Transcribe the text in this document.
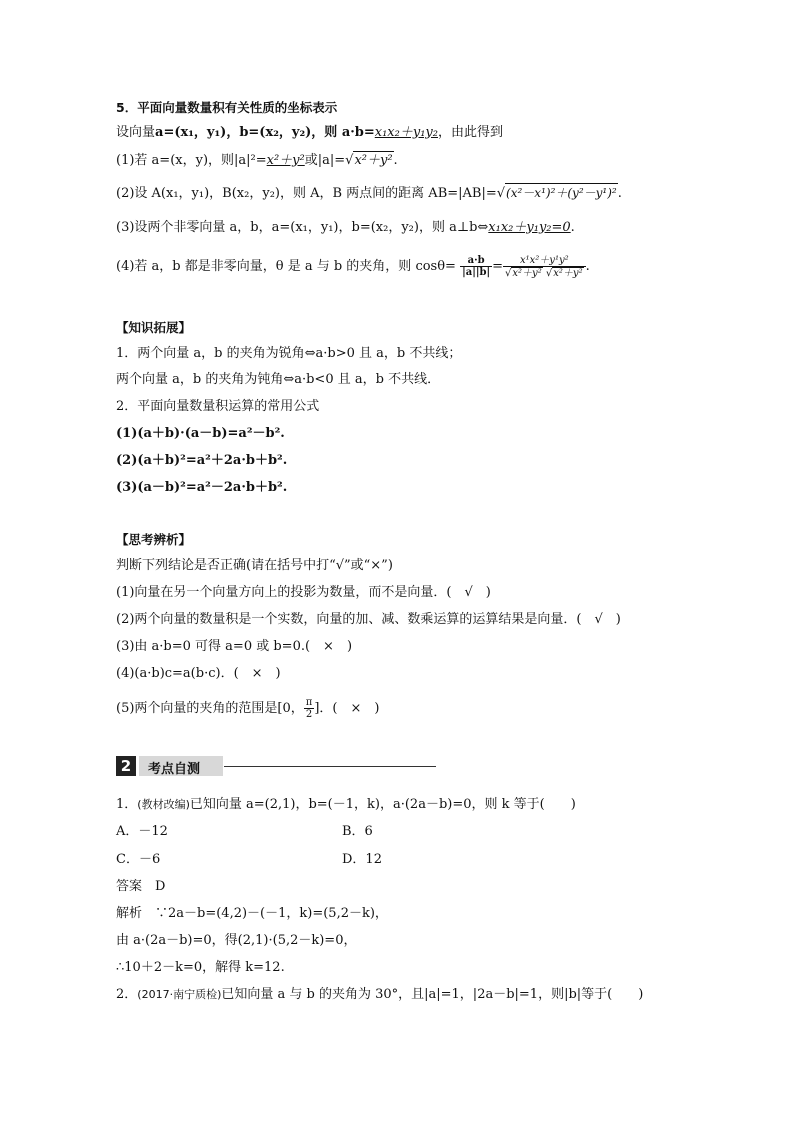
5．平面向量数量积有关性质的坐标表示
设向量a=(x₁，y₁)，b=(x₂，y₂)，则 a·b=x₁x₂＋y₁y₂，由此得到
(1)若 a=(x，y)，则|a|²=x²＋y²或|a|= √ x²＋y².
(2)设 A(x₁，y₁)，B(x₂，y₂)，则 A，B 两点间的距离 AB=|AB|= √ (x²－x¹)²＋(y²－y¹)².
(3)设两个非零向量 a，b，a=(x₁，y₁)，b=(x₂，y₂)，则 a⊥b⇔x₁x₂＋y₁y₂=0.
(4)若 a，b 都是非零向量，θ 是 a 与 b 的夹角，则 $\cos\theta= \frac{a\cdot b}{|a||b|} = x^1x^2+y^1y^2$
√ x²＋y² √ x²＋y² .
【知识拓展】
1．两个向量 a，b 的夹角为锐角⇔a·b>0 且 a，b 不共线；
两个向量 a，b 的夹角为钝角⇔a·b<0 且 a，b 不共线．
2．平面向量数量积运算的常用公式
(1)(a＋b)·(a－b)=a²－b².
(2)(a＋b)²=a²＋2a·b＋b².
(3)(a－b)²=a²－2a·b＋b².
【思考辨析】
判断下列结论是否正确(请在括号中打“√”或“×”)
(1)向量在另一个向量方向上的投影为数量，而不是向量．(　√　)
(2)两个向量的数量积是一个实数，向量的加、减、数乘运算的运算结果是向量．(　√　)
(3)由 a·b=0 可得 a=0 或 b=0.(　×　)
(4)(a·b)c=a(b·c)．(　×　)
(5)两个向量的夹角的范围是[0， $\frac{\pi}{2}$ ]．(　×　)
2	考点自测
1．(教材改编)已知向量 a=(2,1)，b=(－1，k)，a·(2a－b)=0，则 k 等于(　　)
A．－12	B．6
C．－6	D．12
答案　D
解析　∵2a－b=(4,2)－(－1，k)=(5,2－k)，
由 a·(2a－b)=0，得(2,1)·(5,2－k)=0，
∴10＋2－k=0，解得 k=12.
2．(2017·南宁质检)已知向量 a 与 b 的夹角为 30°，且|a|=1，|2a－b|=1，则|b|等于(　　)
